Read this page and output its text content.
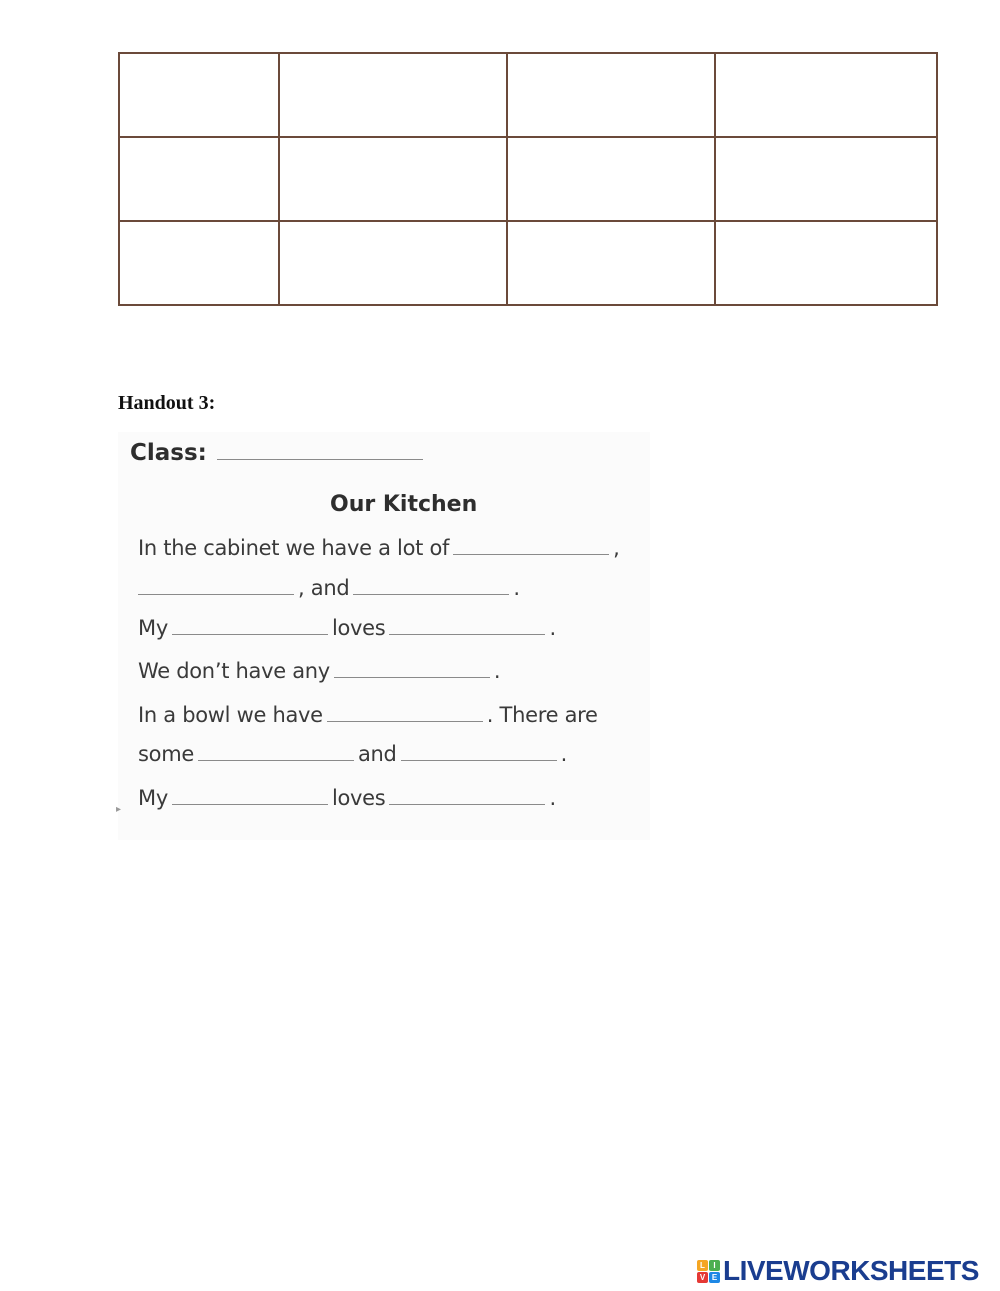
Handout 3:
Class:
Our Kitchen
In the cabinet we have a lot of	,
, and	.
My	loves	.
We don’t have any	.
In a bowl we have	. There are
some	and	.
My	loves	.
▸
L	I
V E LIVEWORKSHEETS
